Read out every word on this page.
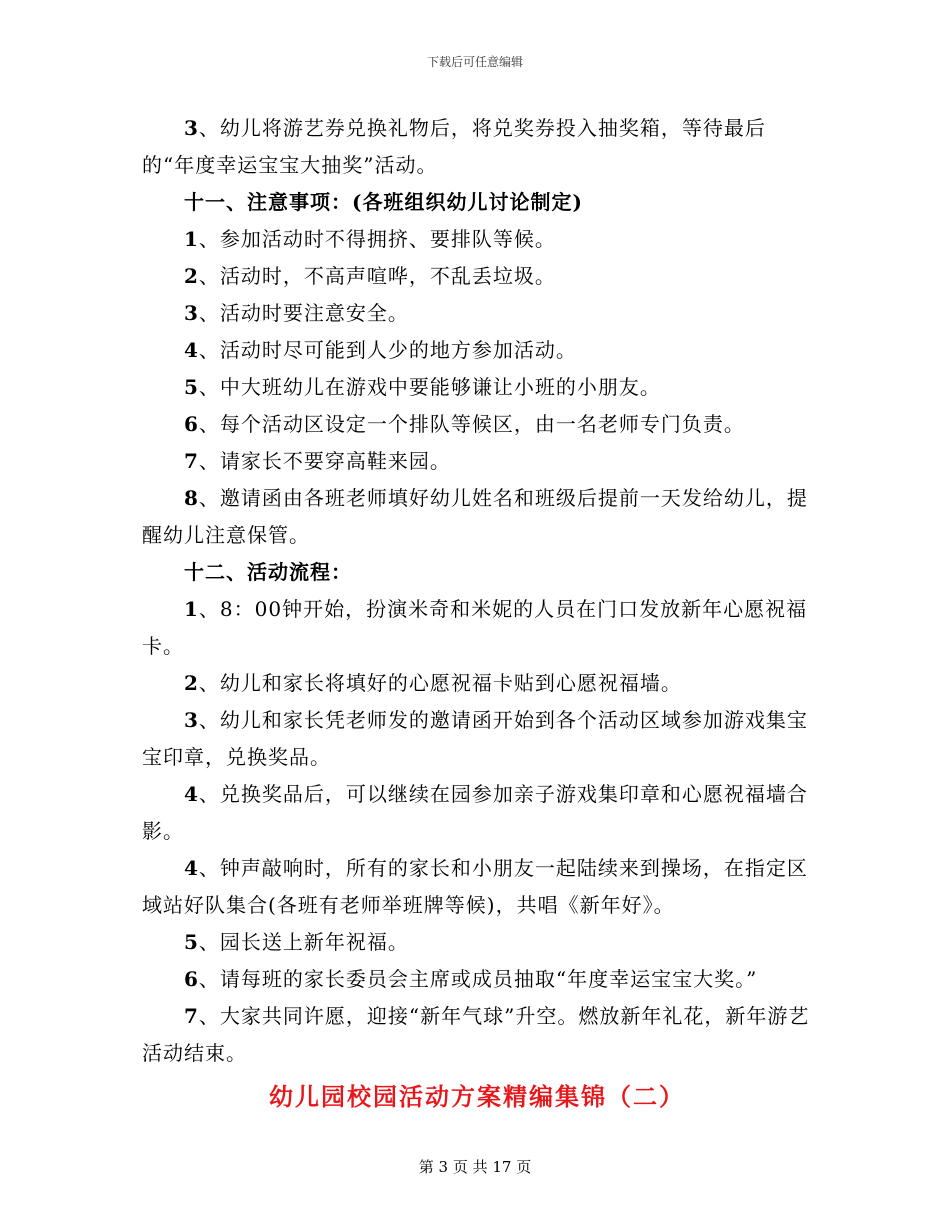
下载后可任意编辑

3、幼儿将游艺券兑换礼物后，将兑奖券投入抽奖箱，等待最后的“年度幸运宝宝大抽奖”活动。

十一、注意事项：(各班组织幼儿讨论制定)

1、参加活动时不得拥挤、要排队等候。

2、活动时，不高声喧哗，不乱丢垃圾。

3、活动时要注意安全。

4、活动时尽可能到人少的地方参加活动。

5、中大班幼儿在游戏中要能够谦让小班的小朋友。

6、每个活动区设定一个排队等候区，由一名老师专门负责。

7、请家长不要穿高鞋来园。

8、邀请函由各班老师填好幼儿姓名和班级后提前一天发给幼儿，提醒幼儿注意保管。

十二、活动流程：

1、8：00钟开始，扮演米奇和米妮的人员在门口发放新年心愿祝福卡。

2、幼儿和家长将填好的心愿祝福卡贴到心愿祝福墙。

3、幼儿和家长凭老师发的邀请函开始到各个活动区域参加游戏集宝宝印章，兑换奖品。

4、兑换奖品后，可以继续在园参加亲子游戏集印章和心愿祝福墙合影。

4、钟声敲响时，所有的家长和小朋友一起陆续来到操场，在指定区域站好队集合(各班有老师举班牌等候)，共唱《新年好》。

5、园长送上新年祝福。

6、请每班的家长委员会主席或成员抽取“年度幸运宝宝大奖。”

7、大家共同许愿，迎接“新年气球”升空。燃放新年礼花，新年游艺活动结束。

幼儿园校园活动方案精编集锦（二）
第 3 页 共 17 页
